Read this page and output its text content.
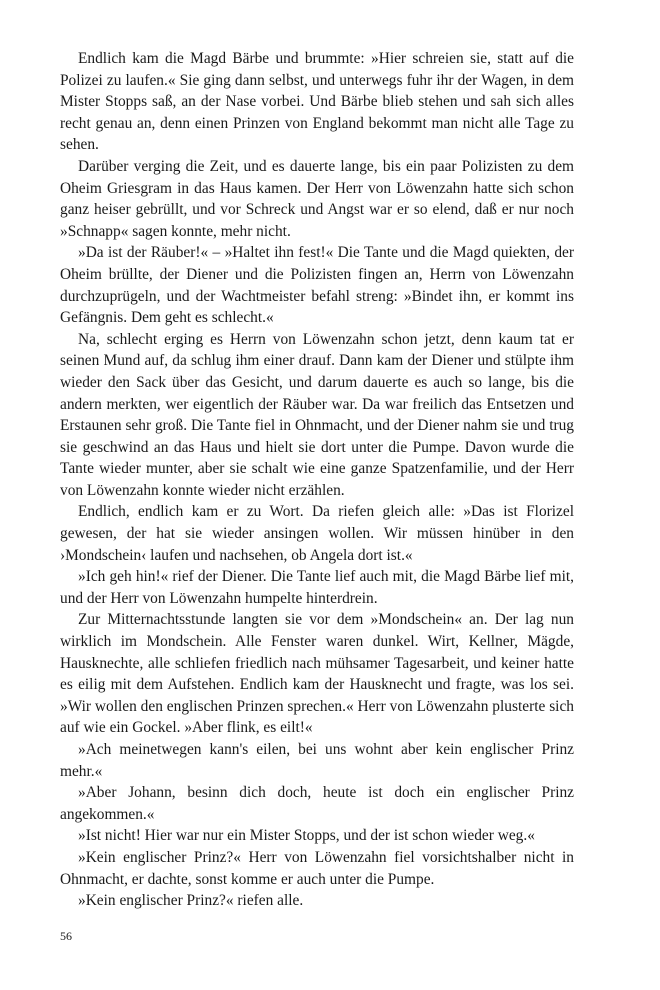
Endlich kam die Magd Bärbe und brummte: »Hier schreien sie, statt auf die Polizei zu laufen.« Sie ging dann selbst, und unterwegs fuhr ihr der Wagen, in dem Mister Stopps saß, an der Nase vorbei. Und Bärbe blieb stehen und sah sich alles recht genau an, denn einen Prinzen von England bekommt man nicht alle Tage zu sehen.

Darüber verging die Zeit, und es dauerte lange, bis ein paar Polizisten zu dem Oheim Griesgram in das Haus kamen. Der Herr von Löwenzahn hatte sich schon ganz heiser gebrüllt, und vor Schreck und Angst war er so elend, daß er nur noch »Schnapp« sagen konnte, mehr nicht.

»Da ist der Räuber!« – »Haltet ihn fest!« Die Tante und die Magd quiekten, der Oheim brüllte, der Diener und die Polizisten fingen an, Herrn von Löwenzahn durchzuprügeln, und der Wachtmeister befahl streng: »Bindet ihn, er kommt ins Gefängnis. Dem geht es schlecht.«

Na, schlecht erging es Herrn von Löwenzahn schon jetzt, denn kaum tat er seinen Mund auf, da schlug ihm einer drauf. Dann kam der Diener und stülpte ihm wieder den Sack über das Gesicht, und darum dauerte es auch so lange, bis die andern merkten, wer eigentlich der Räuber war. Da war freilich das Entsetzen und Erstaunen sehr groß. Die Tante fiel in Ohnmacht, und der Diener nahm sie und trug sie geschwind an das Haus und hielt sie dort unter die Pumpe. Davon wurde die Tante wieder munter, aber sie schalt wie eine ganze Spatzenfamilie, und der Herr von Löwenzahn konnte wieder nicht erzählen.

Endlich, endlich kam er zu Wort. Da riefen gleich alle: »Das ist Florizel gewesen, der hat sie wieder ansingen wollen. Wir müssen hinüber in den ›Mondschein‹ laufen und nachsehen, ob Angela dort ist.«

»Ich geh hin!« rief der Diener. Die Tante lief auch mit, die Magd Bärbe lief mit, und der Herr von Löwenzahn humpelte hinterdrein.

Zur Mitternachtsstunde langten sie vor dem »Mondschein« an. Der lag nun wirklich im Mondschein. Alle Fenster waren dunkel. Wirt, Kellner, Mägde, Hausknechte, alle schliefen friedlich nach mühsamer Tagesarbeit, und keiner hatte es eilig mit dem Aufstehen. Endlich kam der Hausknecht und fragte, was los sei. »Wir wollen den englischen Prinzen sprechen.« Herr von Löwenzahn plusterte sich auf wie ein Gockel. »Aber flink, es eilt!«

»Ach meinetwegen kann's eilen, bei uns wohnt aber kein englischer Prinz mehr.«

»Aber Johann, besinn dich doch, heute ist doch ein englischer Prinz angekommen.«

»Ist nicht! Hier war nur ein Mister Stopps, und der ist schon wieder weg.«

»Kein englischer Prinz?« Herr von Löwenzahn fiel vorsichtshalber nicht in Ohnmacht, er dachte, sonst komme er auch unter die Pumpe.

»Kein englischer Prinz?« riefen alle.

56
